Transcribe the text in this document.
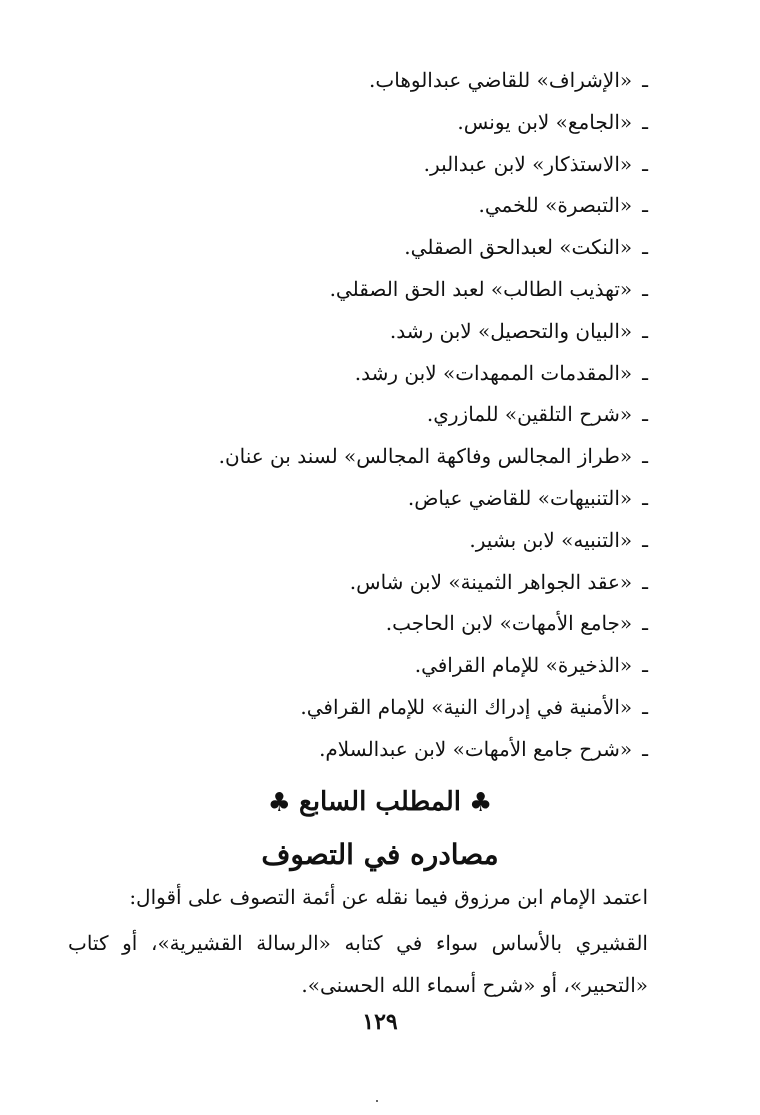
ـ«الإشراف» للقاضي عبدالوهاب.
ـ«الجامع» لابن يونس.
ـ«الاستذكار» لابن عبدالبر.
ـ«التبصرة» للخمي.
ـ«النكت» لعبدالحق الصقلي.
ـ«تهذيب الطالب» لعبد الحق الصقلي.
ـ«البيان والتحصيل» لابن رشد.
ـ«المقدمات الممهدات» لابن رشد.
ـ«شرح التلقين» للمازري.
ـ«طراز المجالس وفاكهة المجالس» لسند بن عنان.
ـ«التنبيهات» للقاضي عياض.
ـ«التنبيه» لابن بشير.
ـ«عقد الجواهر الثمينة» لابن شاس.
ـ«جامع الأمهات» لابن الحاجب.
ـ«الذخيرة» للإمام القرافي.
ـ«الأمنية في إدراك النية» للإمام القرافي.
ـ«شرح جامع الأمهات» لابن عبدالسلام.
♣المطلب السابع♣
مصادره في التصوف

اعتمد الإمام ابن مرزوق فيما نقله عن أئمة التصوف على أقوال:

القشيري بالأساس سواء في كتابه «الرسالة القشيرية»، أو كتاب «التحبير»، أو «شرح أسماء الله الحسنى».

١٢٩
